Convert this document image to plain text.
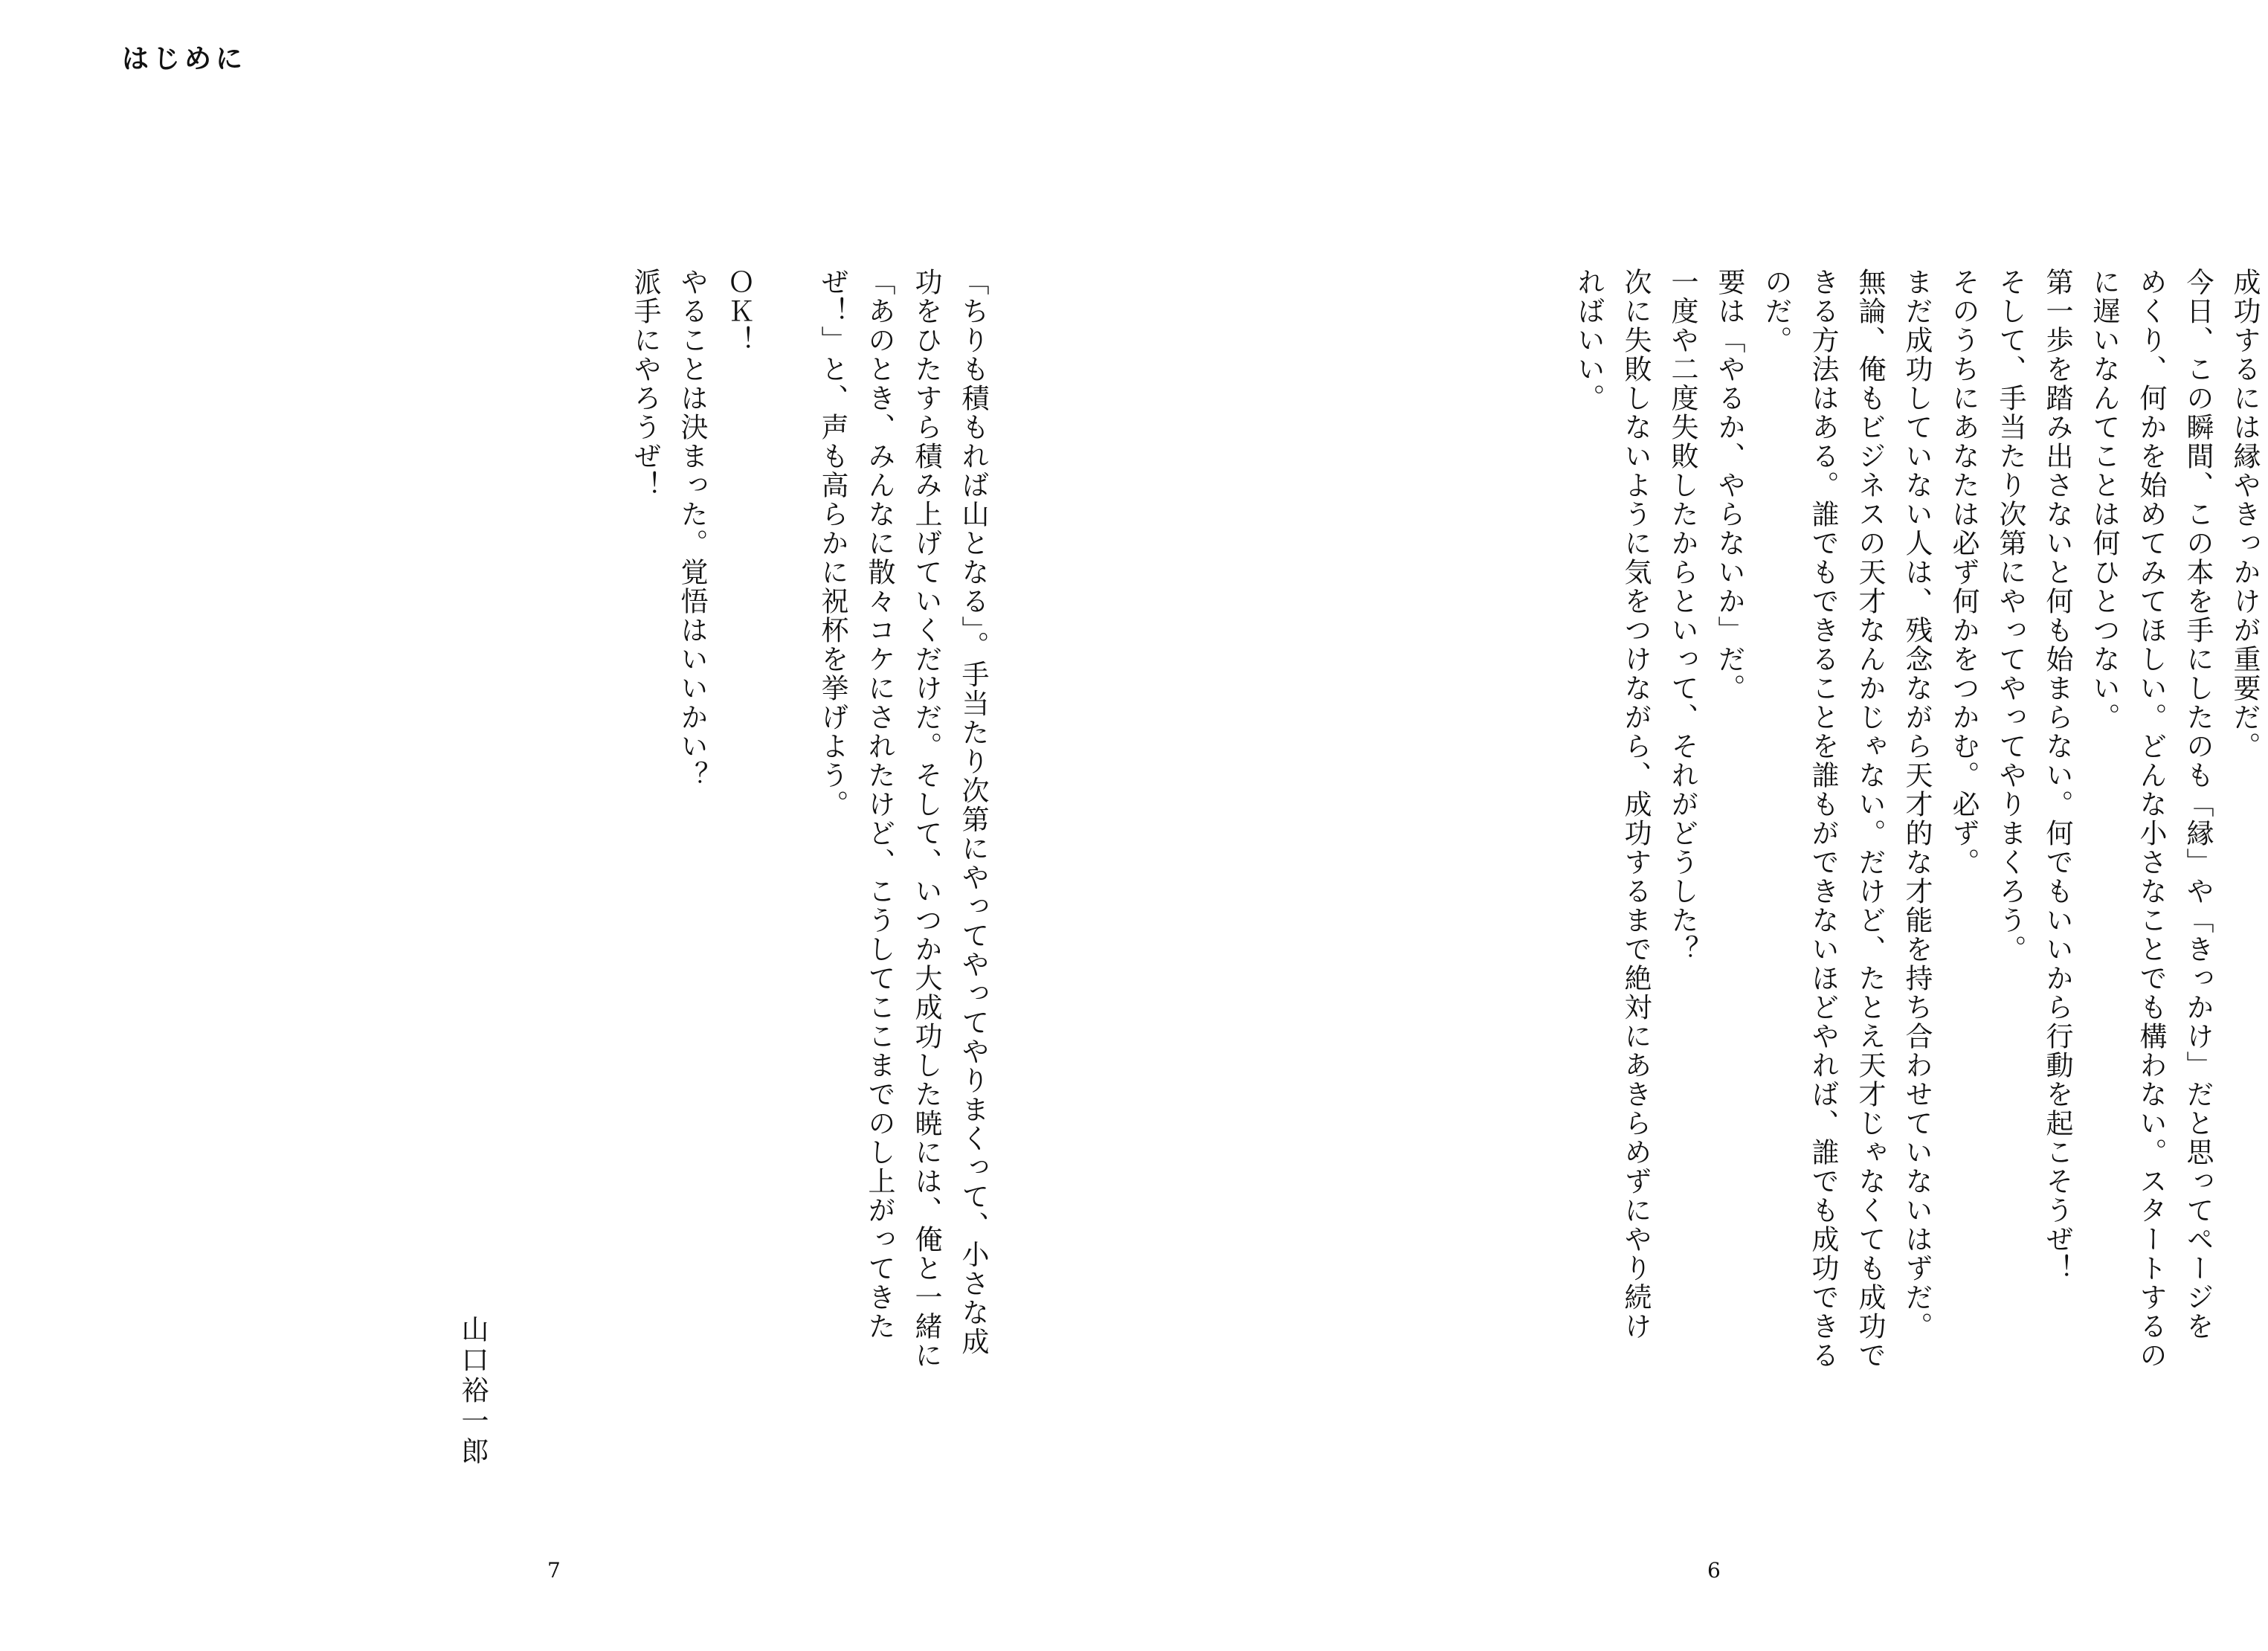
はじめに

成功するには縁やきっかけが重要だ。

今日、この瞬間、この本を手にしたのも「縁」や「きっかけ」だと思ってページを

めくり、何かを始めてみてほしい。どんな小さなことでも構わない。スタートするの

に遅いなんてことは何ひとつない。

第一歩を踏み出さないと何も始まらない。何でもいいから行動を起こそうぜ！

そして、手当たり次第にやってやってやりまくろう。

そのうちにあなたは必ず何かをつかむ。必ず。

まだ成功していない人は、残念ながら天才的な才能を持ち合わせていないはずだ。

無論、俺もビジネスの天才なんかじゃない。だけど、たとえ天才じゃなくても成功で

きる方法はある。誰でもできることを誰もができないほどやれば、誰でも成功できる

のだ。

要は「やるか、やらないか」だ。

一度や二度失敗したからといって、それがどうした？

次に失敗しないように気をつけながら、成功するまで絶対にあきらめずにやり続け

ればいい。

「ちりも積もれば山となる」。手当たり次第にやってやってやりまくって、小さな成

功をひたすら積み上げていくだけだ。そして、いつか大成功した暁には、俺と一緒に

「あのとき、みんなに散々コケにされたけど、こうしてここまでのし上がってきた

ぜ！」と、声も高らかに祝杯を挙げよう。

ＯＫ！

やることは決まった。覚悟はいいかい？

派手にやろうぜ！

山口裕一郎
7	6
